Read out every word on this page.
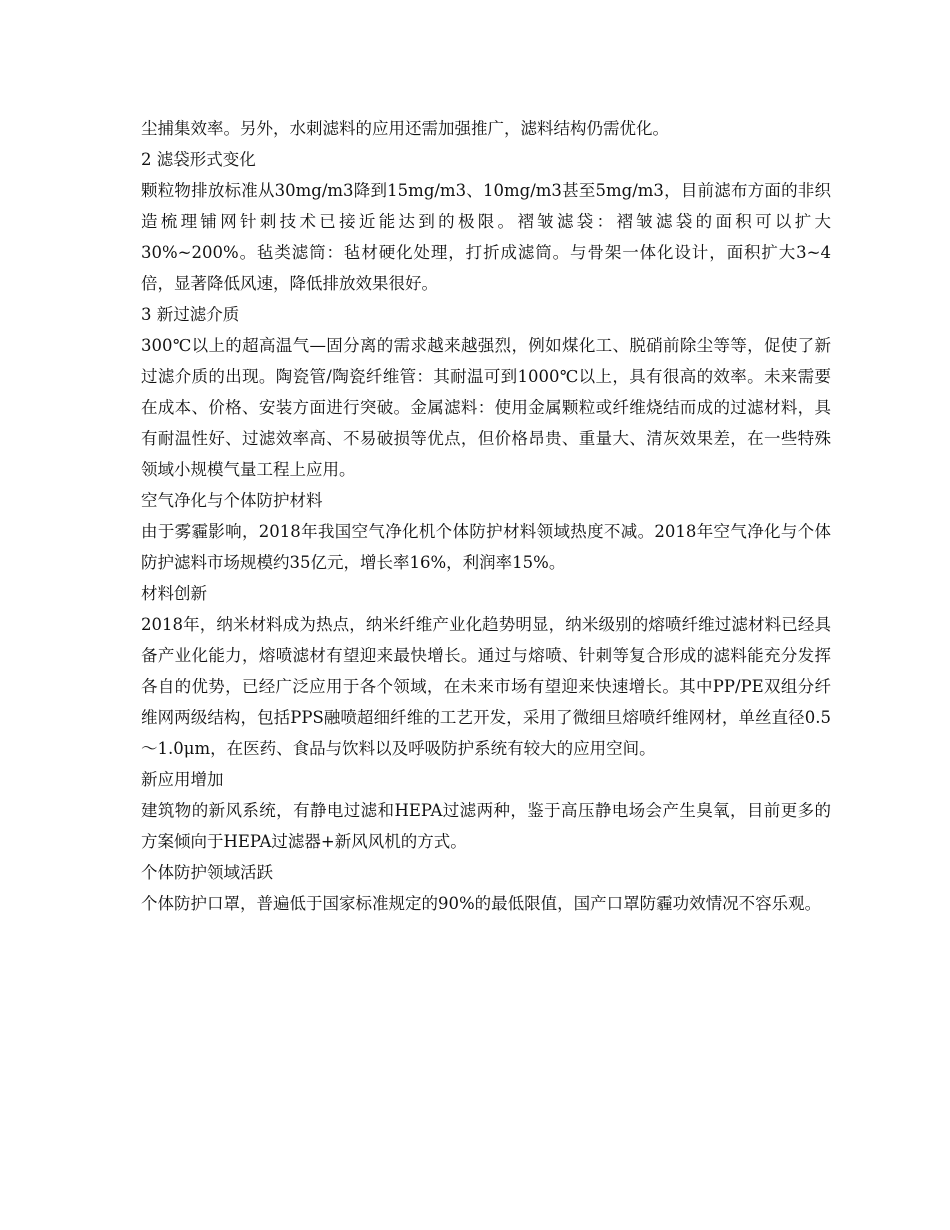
尘捕集效率。另外，水刺滤料的应用还需加强推广，滤料结构仍需优化。

2 滤袋形式变化

颗粒物排放标准从30mg/m3降到15mg/m3、10mg/m3甚至5mg/m3，目前滤布方面的非织造梳理铺网针刺技术已接近能达到的极限。褶皱滤袋：褶皱滤袋的面积可以扩大30%~200%。毡类滤筒：毡材硬化处理，打折成滤筒。与骨架一体化设计，面积扩大3~4倍，显著降低风速，降低排放效果很好。

3 新过滤介质

300℃以上的超高温气—固分离的需求越来越强烈，例如煤化工、脱硝前除尘等等，促使了新过滤介质的出现。陶瓷管/陶瓷纤维管：其耐温可到1000℃以上，具有很高的效率。未来需要在成本、价格、安装方面进行突破。金属滤料：使用金属颗粒或纤维烧结而成的过滤材料，具有耐温性好、过滤效率高、不易破损等优点，但价格昂贵、重量大、清灰效果差，在一些特殊领域小规模气量工程上应用。

空气净化与个体防护材料

由于雾霾影响，2018年我国空气净化机个体防护材料领域热度不减。2018年空气净化与个体防护滤料市场规模约35亿元，增长率16%，利润率15%。

材料创新

2018年，纳米材料成为热点，纳米纤维产业化趋势明显，纳米级别的熔喷纤维过滤材料已经具备产业化能力，熔喷滤材有望迎来最快增长。通过与熔喷、针刺等复合形成的滤料能充分发挥各自的优势，已经广泛应用于各个领域，在未来市场有望迎来快速增长。其中PP/PE双组分纤维网两级结构，包括PPS融喷超细纤维的工艺开发，采用了微细旦熔喷纤维网材，单丝直径0.5～1.0μm，在医药、食品与饮料以及呼吸防护系统有较大的应用空间。

新应用增加

建筑物的新风系统，有静电过滤和HEPA过滤两种，鉴于高压静电场会产生臭氧，目前更多的方案倾向于HEPA过滤器+新风风机的方式。

个体防护领域活跃

个体防护口罩，普遍低于国家标准规定的90%的最低限值，国产口罩防霾功效情况不容乐观。
